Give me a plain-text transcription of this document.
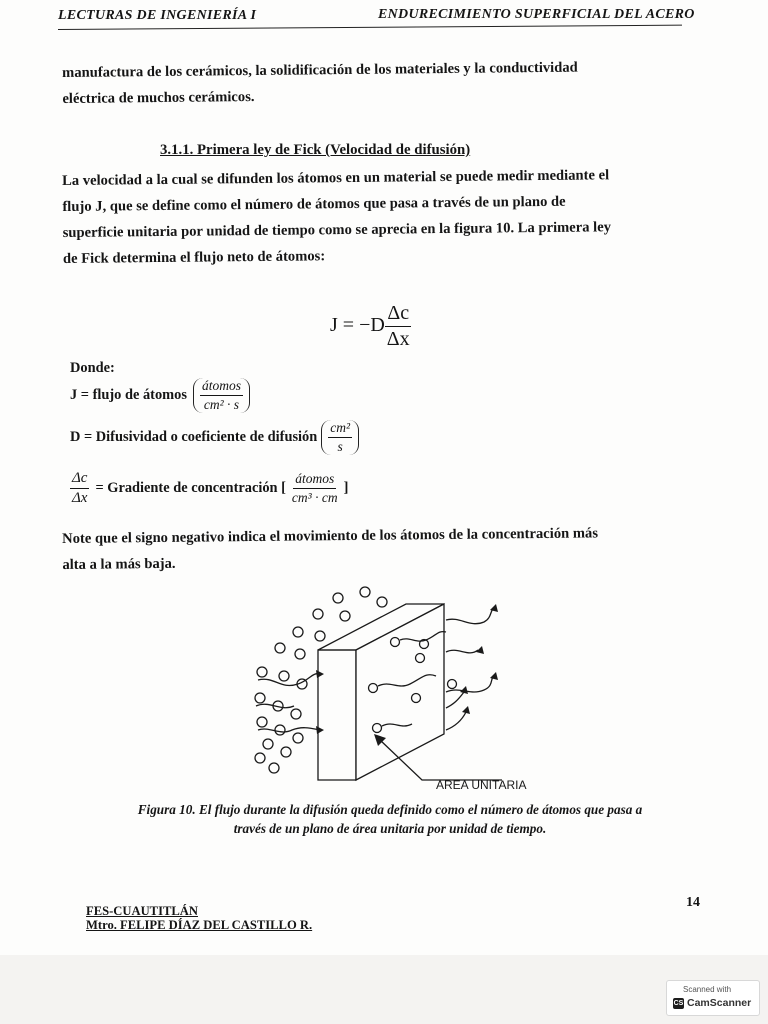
LECTURAS DE INGENIERÍA I	ENDURECIMIENTO SUPERFICIAL DEL ACERO
manufactura de los cerámicos, la solidificación de los materiales y la conductividad
eléctrica de muchos cerámicos.
3.1.1. Primera ley de Fick (Velocidad de difusión)
La velocidad a la cual se difunden los átomos en un material se puede medir mediante el
flujo J, que se define como el número de átomos que pasa a través de un plano de
superficie unitaria por unidad de tiempo como se aprecia en la figura 10. La primera ley
de Fick determina el flujo neto de átomos:
$J = -D \frac{\Delta c}{\Delta x}$
Donde:
J = flujo de átomos $\frac{\text{átomos}}{\text{cm² · s}}$
D = Difusividad o coeficiente de difusión $\frac{\text{cm²}}{s}$
$\frac{\Delta c}{\Delta x}$ = Gradiente de concentración [ $\frac{\text{átomos}}{\text{cm³ · cm}}$ ]
Note que el signo negativo indica el movimiento de los átomos de la concentración más
alta a la más baja.
AREA UNITARIA
Figura 10. El flujo durante la difusión queda definido como el número de átomos que pasa a
través de un plano de área unitaria por unidad de tiempo.
14
FES-CUAUTITLÁN
Mtro. FELIPE DÍAZ DEL CASTILLO R.
Scanned with
CS CamScanner
